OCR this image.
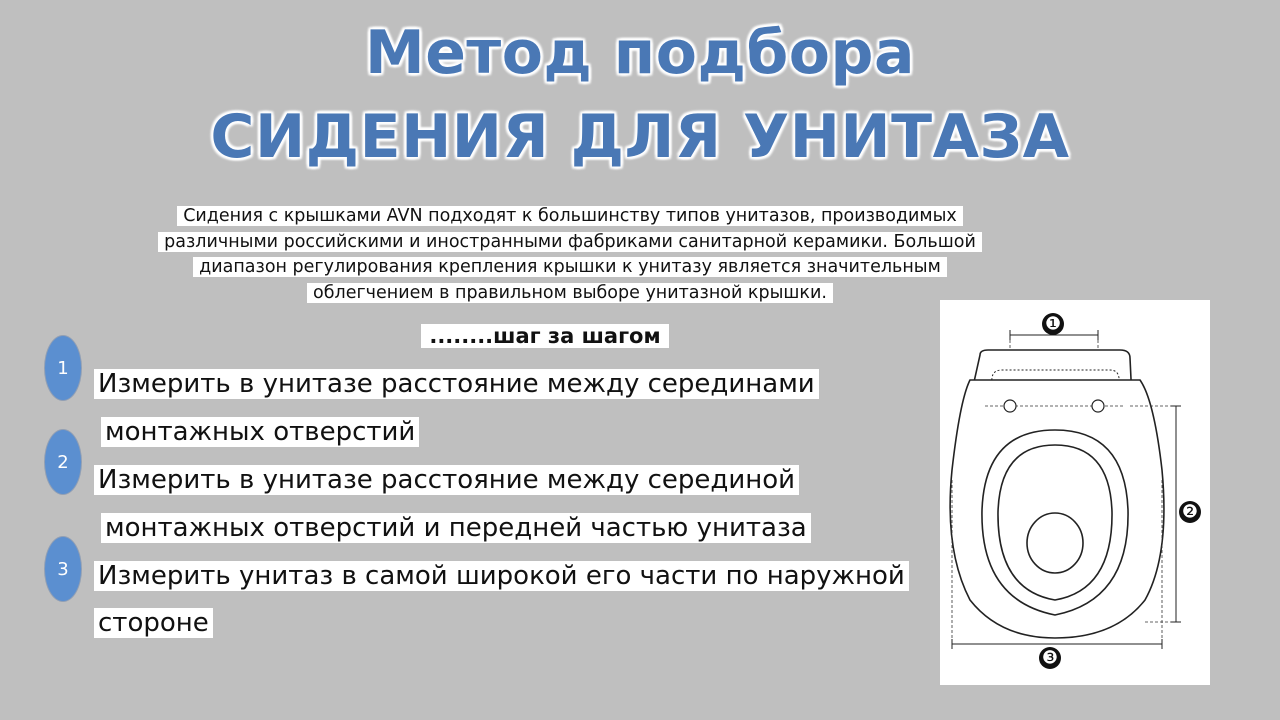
Метод подбора
СИДЕНИЯ ДЛЯ УНИТАЗА

Сидения с крышками AVN подходят к большинству типов унитазов, производимых
различными российскими и иностранными фабриками санитарной керамики. Большой
диапазон регулирования крепления крышки к унитазу является значительным
облегчением в правильном выборе унитазной крышки.

........шаг за шагом
1
2
3
Измерить в унитазе расстояние между серединами
монтажных отверстий
Измерить в унитазе расстояние между серединой
монтажных отверстий и передней частью унитаза
Измерить унитаз в самой широкой его части по наружной
стороне
❶
❷
❸
